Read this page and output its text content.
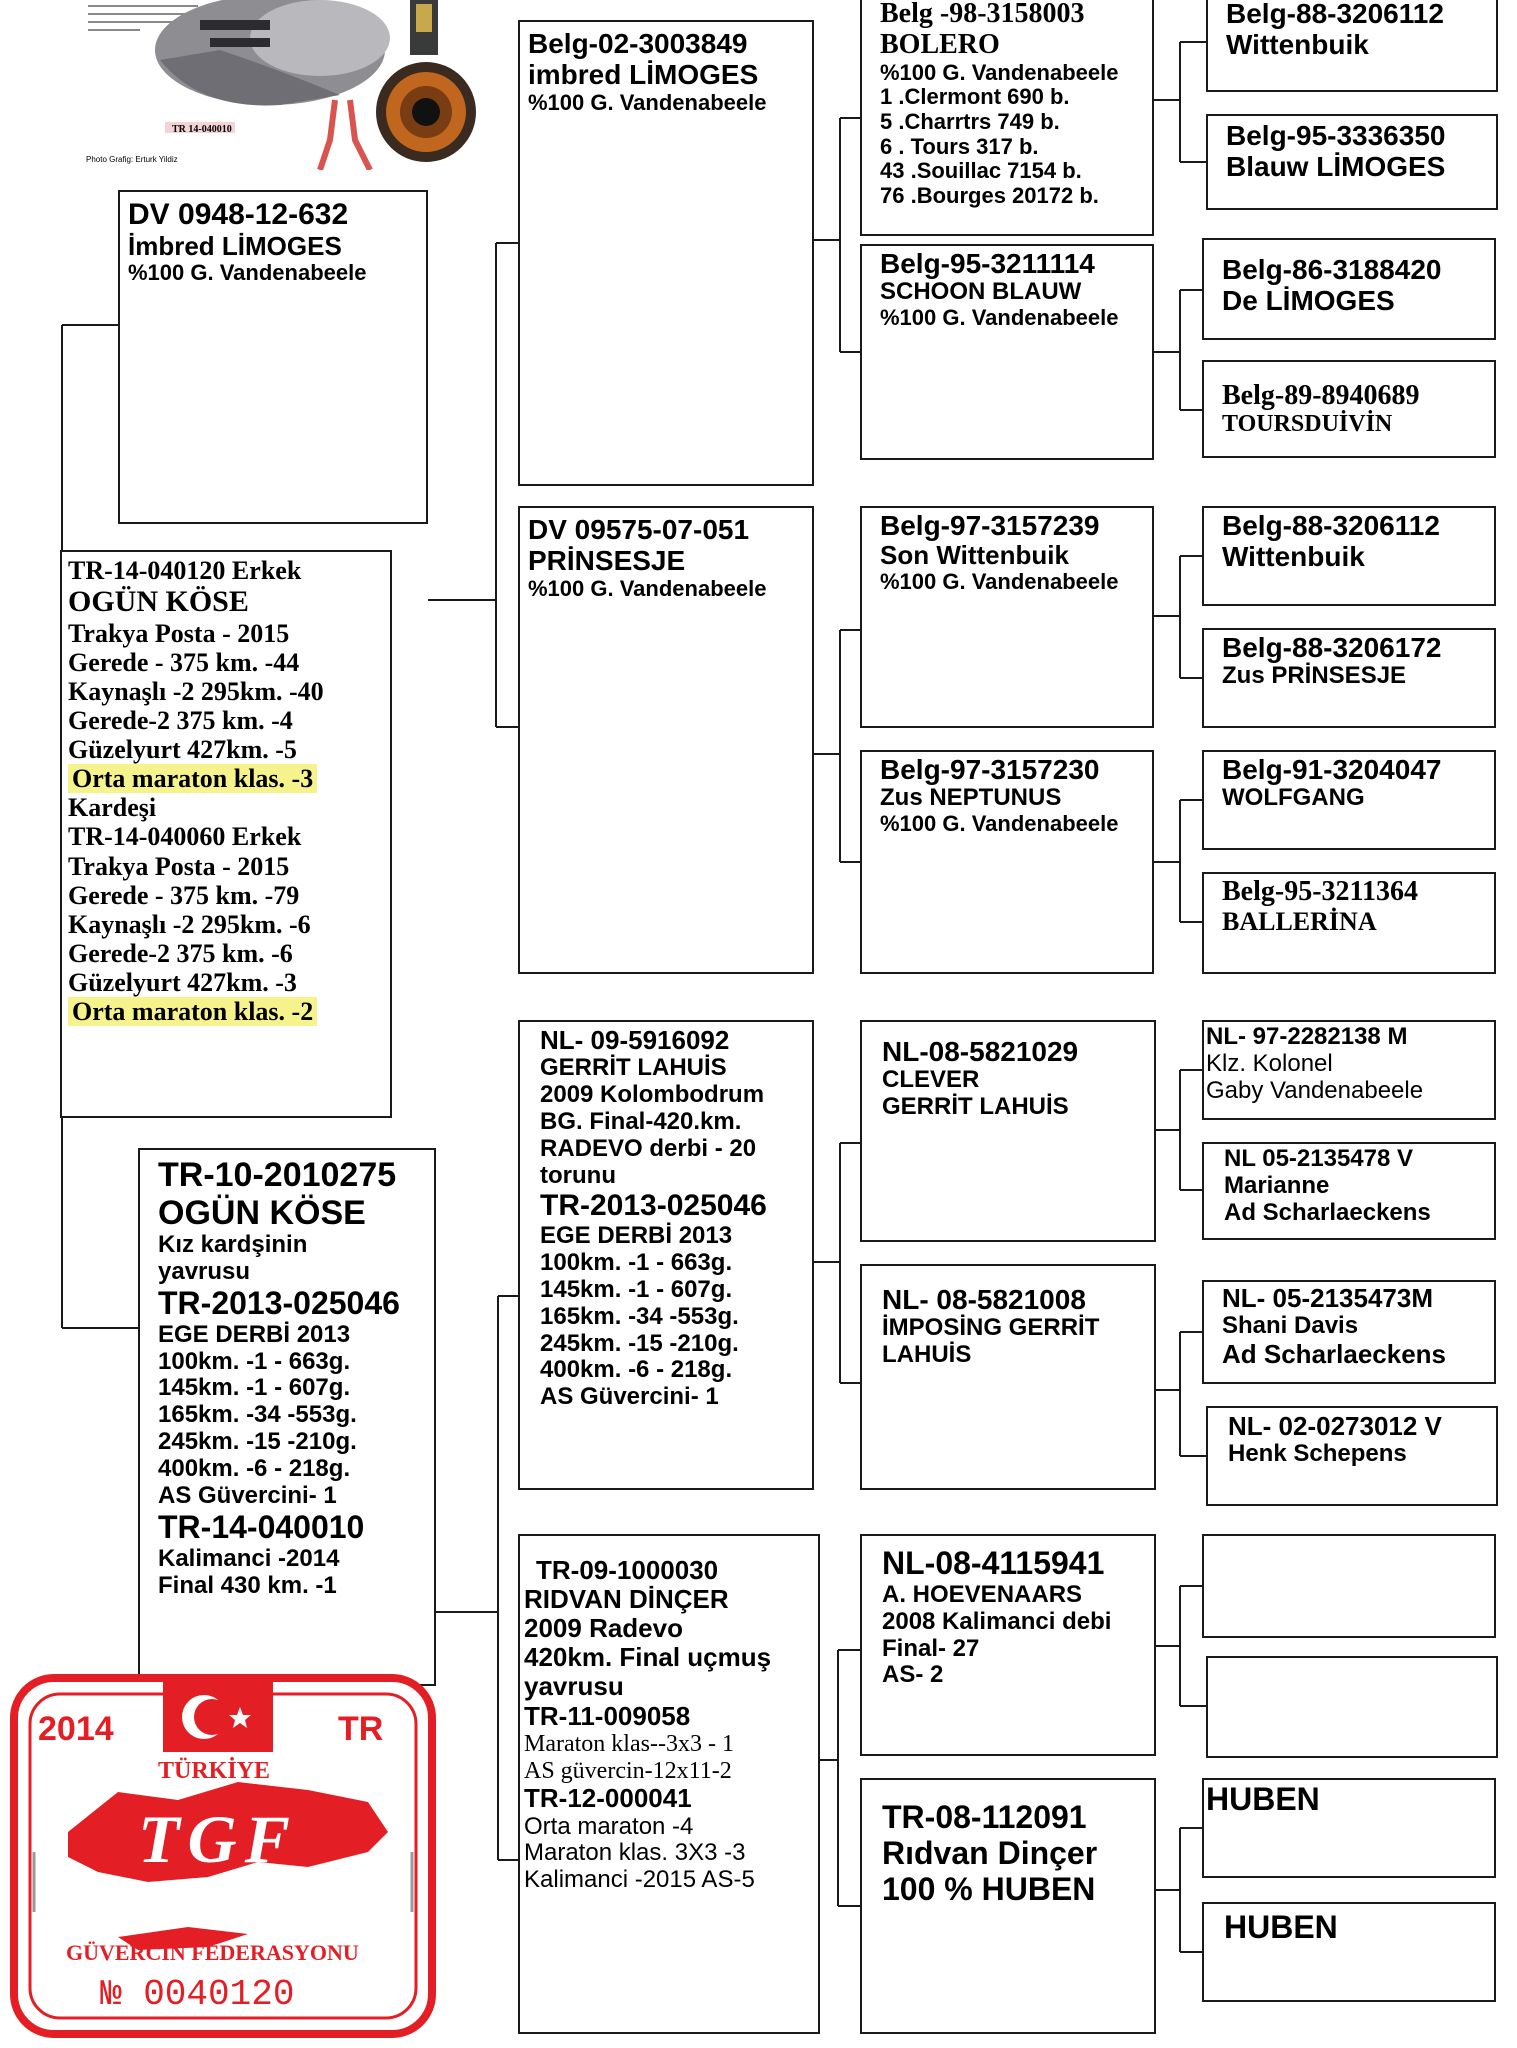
TR 14-040010
Photo Grafig: Erturk Yildiz
DV 0948-12-632
İmbred LİMOGES
%100 G. Vandenabeele
TR-14-040120 Erkek
OGÜN KÖSE
Trakya Posta - 2015
Gerede - 375 km. -44
Kaynaşlı -2 295km. -40
Gerede-2 375 km. -4
Güzelyurt 427km. -5
Orta maraton klas. -3
Kardeşi
TR-14-040060 Erkek
Trakya Posta - 2015
Gerede - 375 km. -79
Kaynaşlı -2 295km. -6
Gerede-2 375 km. -6
Güzelyurt 427km. -3
Orta maraton klas. -2
TR-10-2010275
OGÜN KÖSE
Kız kardşinin
yavrusu
TR-2013-025046
EGE DERBİ 2013
100km. -1 - 663g.
145km. -1 - 607g.
165km. -34 -553g.
245km. -15 -210g.
400km. -6 - 218g.
AS Güvercini- 1
TR-14-040010
Kalimanci -2014
Final 430 km. -1
Belg-02-3003849
imbred LİMOGES
%100 G. Vandenabeele
DV 09575-07-051
PRİNSESJE
%100 G. Vandenabeele
NL- 09-5916092
GERRİT LAHUİS
2009 Kolombodrum
BG. Final-420.km.
RADEVO derbi - 20
torunu
TR-2013-025046
EGE DERBİ 2013
100km. -1 - 663g.
145km. -1 - 607g.
165km. -34 -553g.
245km. -15 -210g.
400km. -6 - 218g.
AS Güvercini- 1
TR-09-1000030
RIDVAN DİNÇER
2009 Radevo
420km. Final uçmuş
yavrusu
TR-11-009058
Maraton klas--3x3 - 1
AS güvercin-12x11-2
TR-12-000041
Orta maraton -4
Maraton klas. 3X3 -3
Kalimanci -2015 AS-5
Belg -98-3158003
BOLERO
%100 G. Vandenabeele
1 .Clermont 690 b.
5 .Charrtrs 749 b.
6 . Tours 317 b.
43 .Souillac 7154 b.
76 .Bourges 20172 b.
Belg-95-3211114
SCHOON BLAUW
%100 G. Vandenabeele
Belg-97-3157239
Son Wittenbuik
%100 G. Vandenabeele
Belg-97-3157230
Zus NEPTUNUS
%100 G. Vandenabeele
NL-08-5821029
CLEVER
GERRİT LAHUİS
NL- 08-5821008
İMPOSİNG GERRİT
LAHUİS
NL-08-4115941
A. HOEVENAARS
2008 Kalimanci debi
Final- 27
AS- 2
TR-08-112091
Rıdvan Dinçer
100 % HUBEN
Belg-88-3206112
Wittenbuik
Belg-95-3336350
Blauw LİMOGES
Belg-86-3188420
De LİMOGES
Belg-89-8940689
TOURSDUİVİN
Belg-88-3206112
Wittenbuik
Belg-88-3206172
Zus PRİNSESJE
Belg-91-3204047
WOLFGANG
Belg-95-3211364
BALLERİNA
NL- 97-2282138 M
Klz. Kolonel
Gaby Vandenabeele
NL 05-2135478 V
Marianne
Ad Scharlaeckens
NL- 05-2135473M
Shani Davis
Ad Scharlaeckens
NL- 02-0273012 V
Henk Schepens
HUBEN
HUBEN
2014	TR
TÜRKİYE
TGF
GÜVERCİN FEDERASYONU
№ 0040120
